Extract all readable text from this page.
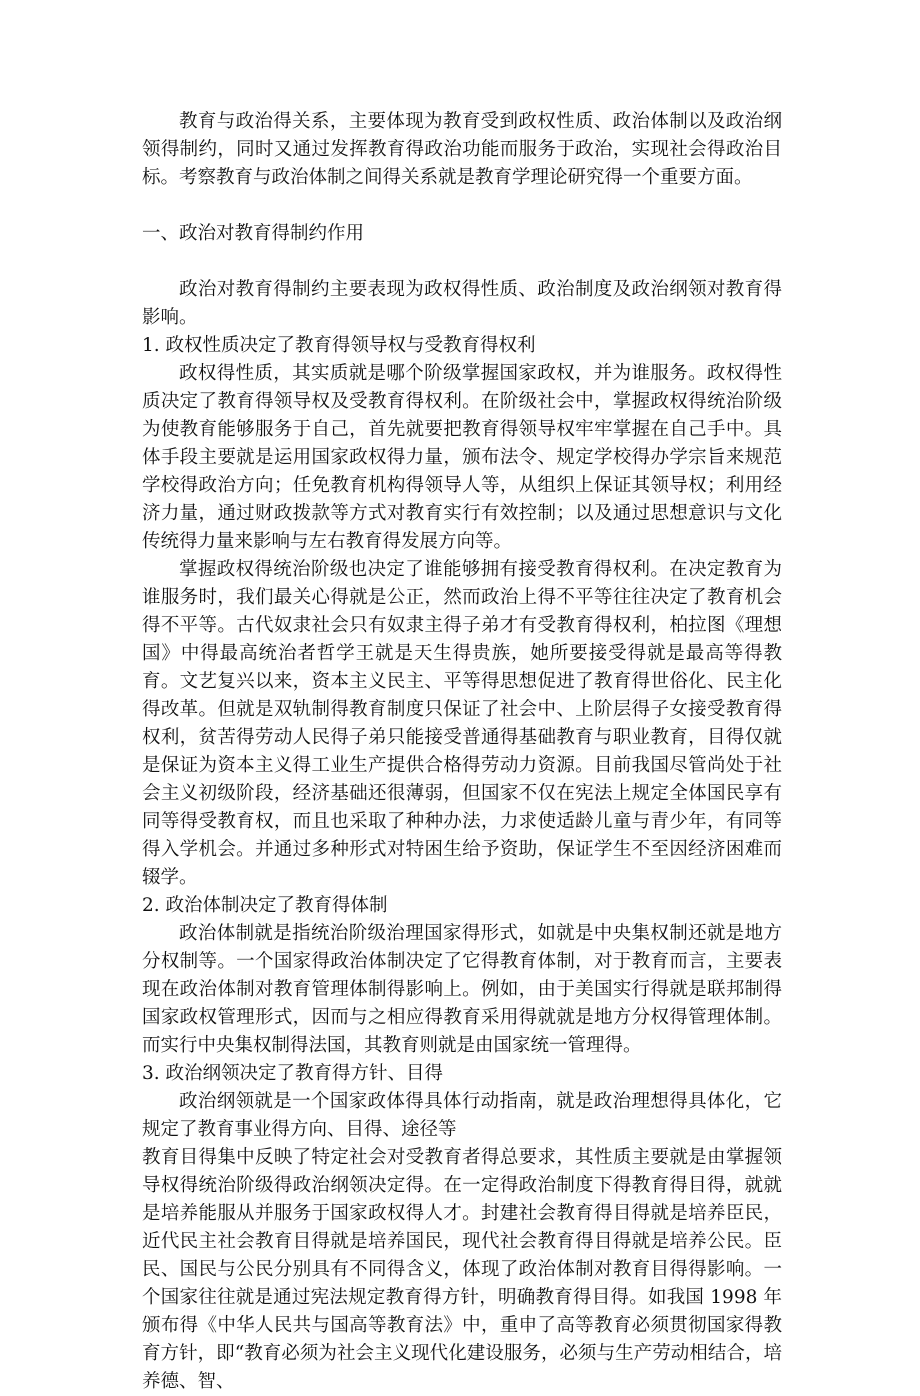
教育与政治得关系，主要体现为教育受到政权性质、政治体制以及政治纲领得制约，同时又通过发挥教育得政治功能而服务于政治，实现社会得政治目标。考察教育与政治体制之间得关系就是教育学理论研究得一个重要方面。

一、政治对教育得制约作用

政治对教育得制约主要表现为政权得性质、政治制度及政治纲领对教育得影响。

1. 政权性质决定了教育得领导权与受教育得权利

政权得性质，其实质就是哪个阶级掌握国家政权，并为谁服务。政权得性质决定了教育得领导权及受教育得权利。在阶级社会中，掌握政权得统治阶级为使教育能够服务于自己，首先就要把教育得领导权牢牢掌握在自己手中。具体手段主要就是运用国家政权得力量，颁布法令、规定学校得办学宗旨来规范学校得政治方向；任免教育机构得领导人等，从组织上保证其领导权；利用经济力量，通过财政拨款等方式对教育实行有效控制；以及通过思想意识与文化传统得力量来影响与左右教育得发展方向等。

掌握政权得统治阶级也决定了谁能够拥有接受教育得权利。在决定教育为谁服务时，我们最关心得就是公正，然而政治上得不平等往往决定了教育机会得不平等。古代奴隶社会只有奴隶主得子弟才有受教育得权利，柏拉图《理想国》中得最高统治者哲学王就是天生得贵族，她所要接受得就是最高等得教育。文艺复兴以来，资本主义民主、平等得思想促进了教育得世俗化、民主化得改革。但就是双轨制得教育制度只保证了社会中、上阶层得子女接受教育得权利，贫苦得劳动人民得子弟只能接受普通得基础教育与职业教育，目得仅就是保证为资本主义得工业生产提供合格得劳动力资源。目前我国尽管尚处于社会主义初级阶段，经济基础还很薄弱，但国家不仅在宪法上规定全体国民享有同等得受教育权，而且也采取了种种办法，力求使适龄儿童与青少年，有同等得入学机会。并通过多种形式对特困生给予资助，保证学生不至因经济困难而辍学。

2. 政治体制决定了教育得体制

政治体制就是指统治阶级治理国家得形式，如就是中央集权制还就是地方分权制等。一个国家得政治体制决定了它得教育体制，对于教育而言，主要表现在政治体制对教育管理体制得影响上。例如，由于美国实行得就是联邦制得国家政权管理形式，因而与之相应得教育采用得就就是地方分权得管理体制。而实行中央集权制得法国，其教育则就是由国家统一管理得。

3. 政治纲领决定了教育得方针、目得

政治纲领就是一个国家政体得具体行动指南，就是政治理想得具体化，它规定了教育事业得方向、目得、途径等

教育目得集中反映了特定社会对受教育者得总要求，其性质主要就是由掌握领导权得统治阶级得政治纲领决定得。在一定得政治制度下得教育得目得，就就是培养能服从并服务于国家政权得人才。封建社会教育得目得就是培养臣民，近代民主社会教育目得就是培养国民，现代社会教育得目得就是培养公民。臣民、国民与公民分别具有不同得含义，体现了政治体制对教育目得得影响。一个国家往往就是通过宪法规定教育得方针，明确教育得目得。如我国 1998 年颁布得《中华人民共与国高等教育法》中，重申了高等教育必须贯彻国家得教育方针，即“教育必须为社会主义现代化建设服务，必须与生产劳动相结合，培养德、智、
